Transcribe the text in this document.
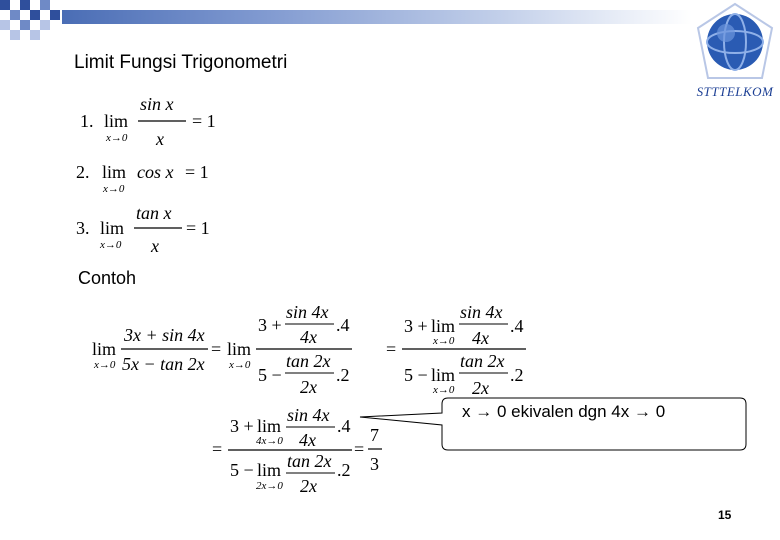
STTTELKOM
Limit Fungsi Trigonometri
1. lim
x→0
sin x
x
= 1
2. lim
x→0
cos x = 1
3. lim
x→0
tan x
x
= 1
lim
x→0
3x + sin 4x
5x − tan 2x
= lim
x→0
3 +
sin 4x
4x
.4
5 −
tan 2x
2x
.2
=
3 + lim
x→0
sin 4x
4x
.4
5 − lim
x→0
tan 2x
2x
.2
=
3 + lim
4x→0
sin 4x
4x
.4
5 − lim
2x→0
tan 2x
2x
.2
=
7
3
Contoh
x → 0 ekivalen dgn 4x → 0
15
